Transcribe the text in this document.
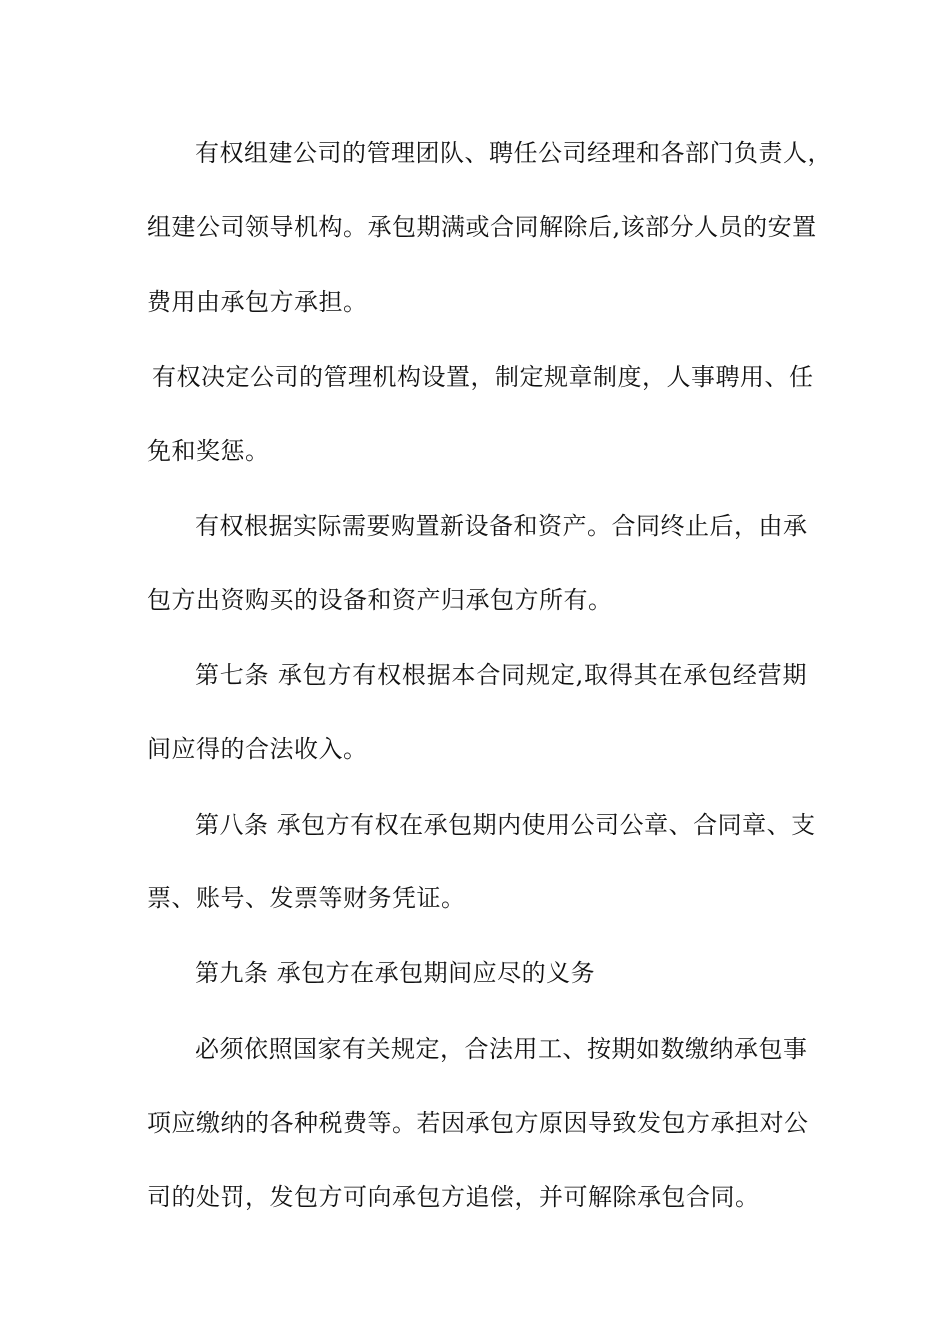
有权组建公司的管理团队、聘任公司经理和各部门负责人，
组建公司领导机构。承包期满或合同解除后,该部分人员的安置
费用由承包方承担。
有权决定公司的管理机构设置，制定规章制度，人事聘用、任
免和奖惩。
有权根据实际需要购置新设备和资产。合同终止后，由承
包方出资购买的设备和资产归承包方所有。
第七条 承包方有权根据本合同规定,取得其在承包经营期
间应得的合法收入。
第八条 承包方有权在承包期内使用公司公章、合同章、支
票、账号、发票等财务凭证。
第九条 承包方在承包期间应尽的义务
必须依照国家有关规定，合法用工、按期如数缴纳承包事
项应缴纳的各种税费等。若因承包方原因导致发包方承担对公
司的处罚，发包方可向承包方追偿，并可解除承包合同。
